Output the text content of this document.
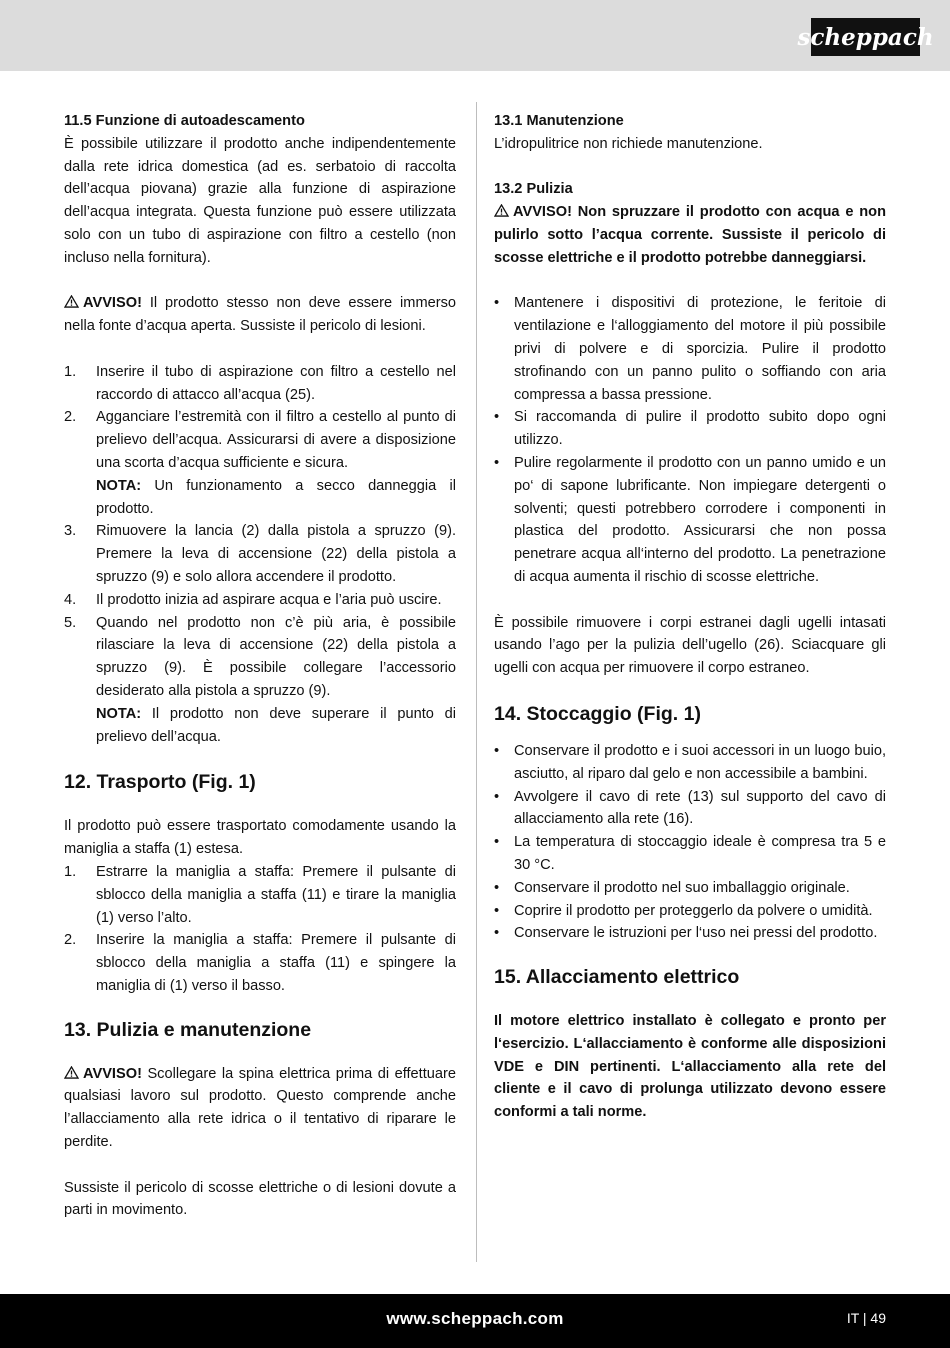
scheppach

11.5 Funzione di autoadescamento

È possibile utilizzare il prodotto anche indipendentemente dalla rete idrica domestica (ad es. serbatoio di raccolta dell’acqua piovana) grazie alla funzione di aspirazione dell’acqua integrata. Questa funzione può essere utilizzata solo con un tubo di aspirazione con filtro a cestello (non incluso nella fornitura).

AVVISO! Il prodotto stesso non deve essere immerso nella fonte d’acqua aperta. Sussiste il pericolo di lesioni.

1. Inserire il tubo di aspirazione con filtro a cestello nel raccordo di attacco all’acqua (25).
2. Agganciare l’estremità con il filtro a cestello al punto di prelievo dell’acqua. Assicurarsi di avere a disposizione una scorta d’acqua sufficiente e sicura.
NOTA: Un funzionamento a secco danneggia il prodotto.
3. Rimuovere la lancia (2) dalla pistola a spruzzo (9). Premere la leva di accensione (22) della pistola a spruzzo (9) e solo allora accendere il prodotto.
4. Il prodotto inizia ad aspirare acqua e l’aria può uscire.
5. Quando nel prodotto non c’è più aria, è possibile rilasciare la leva di accensione (22) della pistola a spruzzo (9). È possibile collegare l’accessorio desiderato alla pistola a spruzzo (9).
NOTA: Il prodotto non deve superare il punto di prelievo dell’acqua.

12. Trasporto (Fig. 1)

Il prodotto può essere trasportato comodamente usando la maniglia a staffa (1) estesa.

1. Estrarre la maniglia a staffa: Premere il pulsante di sblocco della maniglia a staffa (11) e tirare la maniglia (1) verso l’alto.
2. Inserire la maniglia a staffa: Premere il pulsante di sblocco della maniglia a staffa (11) e spingere la maniglia di (1) verso il basso.

13. Pulizia e manutenzione

AVVISO! Scollegare la spina elettrica prima di effettuare qualsiasi lavoro sul prodotto. Questo comprende anche l’allacciamento alla rete idrica o il tentativo di riparare le perdite.

Sussiste il pericolo di scosse elettriche o di lesioni dovute a parti in movimento.

13.1 Manutenzione

L’idropulitrice non richiede manutenzione.

13.2 Pulizia

AVVISO! Non spruzzare il prodotto con acqua e non pulirlo sotto l’acqua corrente. Sussiste il pericolo di scosse elettriche e il prodotto potrebbe danneggiarsi.

• Mantenere i dispositivi di protezione, le feritoie di ventilazione e l‘alloggiamento del motore il più possibile privi di polvere e di sporcizia. Pulire il prodotto strofinando con un panno pulito o soffiando con aria compressa a bassa pressione.
• Si raccomanda di pulire il prodotto subito dopo ogni utilizzo.
• Pulire regolarmente il prodotto con un panno umido e un po‘ di sapone lubrificante. Non impiegare detergenti o solventi; questi potrebbero corrodere i componenti in plastica del prodotto. Assicurarsi che non possa penetrare acqua all‘interno del prodotto. La penetrazione di acqua aumenta il rischio di scosse elettriche.

È possibile rimuovere i corpi estranei dagli ugelli intasati usando l’ago per la pulizia dell’ugello (26). Sciacquare gli ugelli con acqua per rimuovere il corpo estraneo.

14. Stoccaggio (Fig. 1)

• Conservare il prodotto e i suoi accessori in un luogo buio, asciutto, al riparo dal gelo e non accessibile a bambini.
• Avvolgere il cavo di rete (13) sul supporto del cavo di allacciamento alla rete (16).
• La temperatura di stoccaggio ideale è compresa tra 5 e 30 °C.
• Conservare il prodotto nel suo imballaggio originale.
• Coprire il prodotto per proteggerlo da polvere o umidità.
• Conservare le istruzioni per l‘uso nei pressi del prodotto.

15. Allacciamento elettrico

Il motore elettrico installato è collegato e pronto per l‘esercizio. L‘allacciamento è conforme alle disposizioni VDE e DIN pertinenti. L‘allacciamento alla rete del cliente e il cavo di prolunga utilizzato devono essere conformi a tali norme.

www.scheppach.com	IT | 49
